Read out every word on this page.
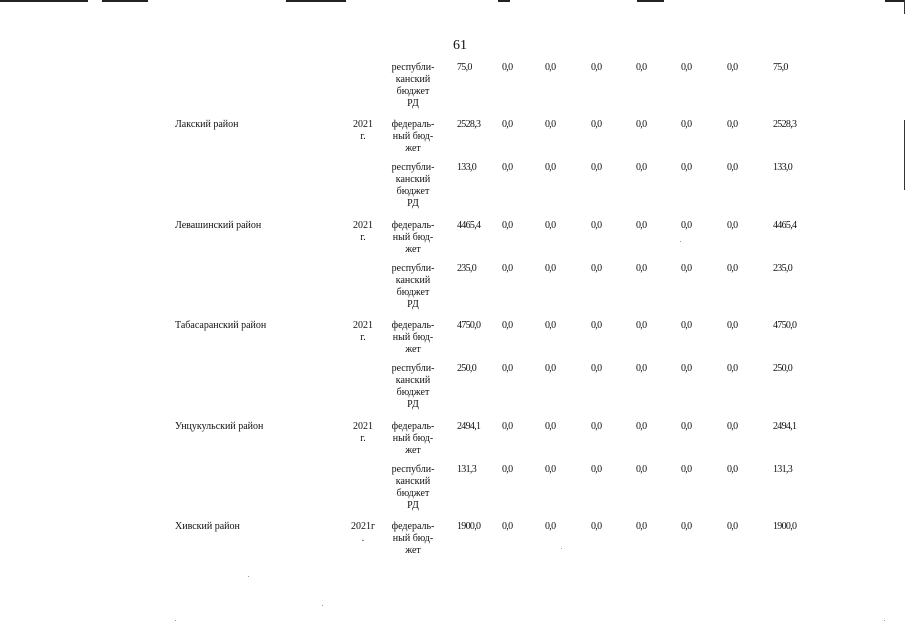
61
республи-
канский
бюджет
РД
75,0	0,0	0,0	0,0	0,0	0,0	0,0	75,0
Лакский район	2021
г.
федераль-
ный бюд-
жет
2528,3 0,0	0,0	0,0	0,0	0,0	0,0	2528,3
республи-
канский
бюджет
РД
133,0	0,0	0,0	0,0	0,0	0,0	0,0	133,0
Левашинский район	2021
г.
федераль-
ный бюд-
жет
4465,4 0,0	0,0	0,0	0,0	0,0	0,0	4465,4
республи-
канский
бюджет
РД
235,0	0,0	0,0	0,0	0,0	0,0	0,0	235,0
Табасаранский район	2021
г.
федераль-
ный бюд-
жет
4750,0 0,0	0,0	0,0	0,0	0,0	0,0	4750,0
республи-
канский
бюджет
РД
250,0	0,0	0,0	0,0	0,0	0,0	0,0	250,0
Унцукульский район	2021
г.
федераль-
ный бюд-
жет
2494,1 0,0	0,0	0,0	0,0	0,0	0,0	2494,1
республи-
канский
бюджет
РД
131,3	0,0	0,0	0,0	0,0	0,0	0,0	131,3
Хивский район	2021г
.
федераль-
ный бюд-
жет
1900,0 0,0	0,0	0,0	0,0	0,0	0,0	1900,0
